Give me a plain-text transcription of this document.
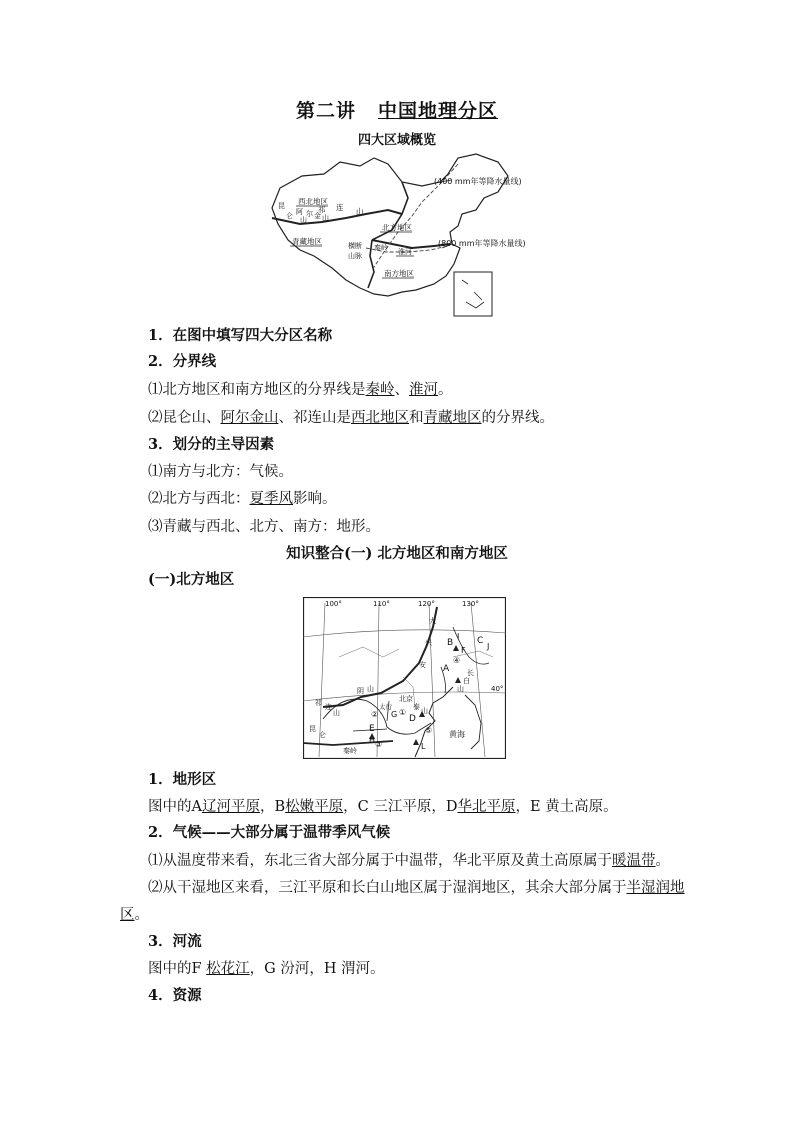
第二讲 中国地理分区
四大区域概览
西北地区
昆
仑 山
阿 尔 金 山
祁 连 山
北方地区
青藏地区	横断
山脉
秦岭 淮河
南方地区
(400 mm年等降水量线)
(800 mm年等降水量线)
1．在图中填写四大分区名称
2．分界线
⑴北方地区和南方地区的分界线是秦岭、淮河。
⑵昆仑山、阿尔金山、祁连山是西北地区和青藏地区的分界线。
3．划分的主导因素
⑴南方与北方：气候。
⑵北方与西北：夏季风影响。
⑶青藏与西北、北方、南方：地形。
知识整合(一) 北方地区和南方地区
(一)北方地区
100°	110°	120°	130°
40°
A
B	C
D
E
F
G
H
I
J
L
①
②
③
④
⑤
北京
黄海
秦岭
长
白
山
祁 连
山
大
兴
安
太行	泰 山
昆
仑
阴 山
1．地形区
图中的A辽河平原，B松嫩平原，C 三江平原，D华北平原，E 黄土高原。
2．气候——大部分属于温带季风气候
⑴从温度带来看，东北三省大部分属于中温带，华北平原及黄土高原属于暖温带。
⑵从干湿地区来看，三江平原和长白山地区属于湿润地区，其余大部分属于半湿润地
区。
3．河流
图中的F 松花江，G 汾河，H 渭河。
4．资源
